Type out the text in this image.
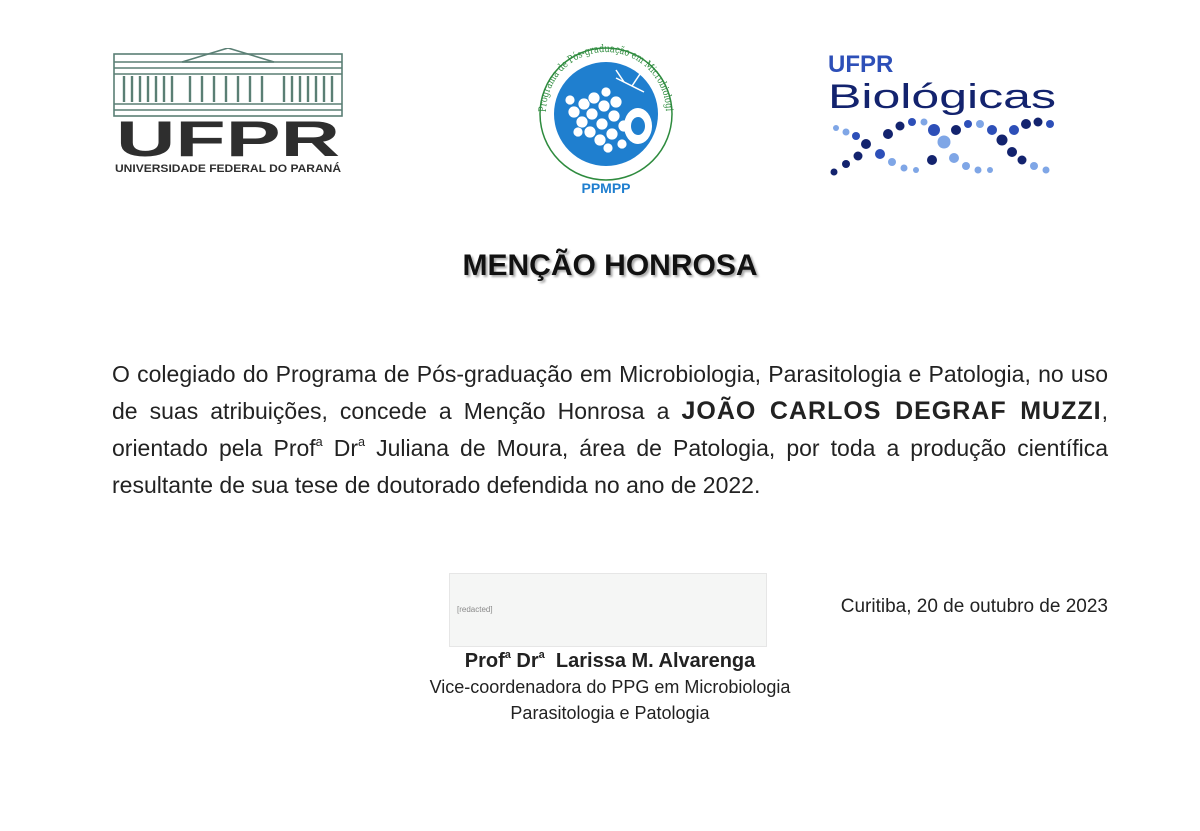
UFPR
UNIVERSIDADE FEDERAL DO PARANÁ
Programa de Pós-graduação em Microbiologi
PPMPP
UFPR
Biológicas
MENÇÃO HONROSA
O colegiado do Programa de Pós-graduação em Microbiologia, Parasitologia e Patologia, no uso de suas atribuições, concede a Menção Honrosa a JOÃO CARLOS DEGRAF MUZZI, orientado pela Prof$^a$ Dr$^a$ Juliana de Moura, área de Patologia, por toda a produção científica resultante de sua tese de doutorado defendida no ano de 2022.
[redacted]	Curitiba, 20 de outubro de 2023
Prof$^a$ Dr$^a$ Larissa M. Alvarenga
Vice-coordenadora do PPG em Microbiologia
Parasitologia e Patologia
